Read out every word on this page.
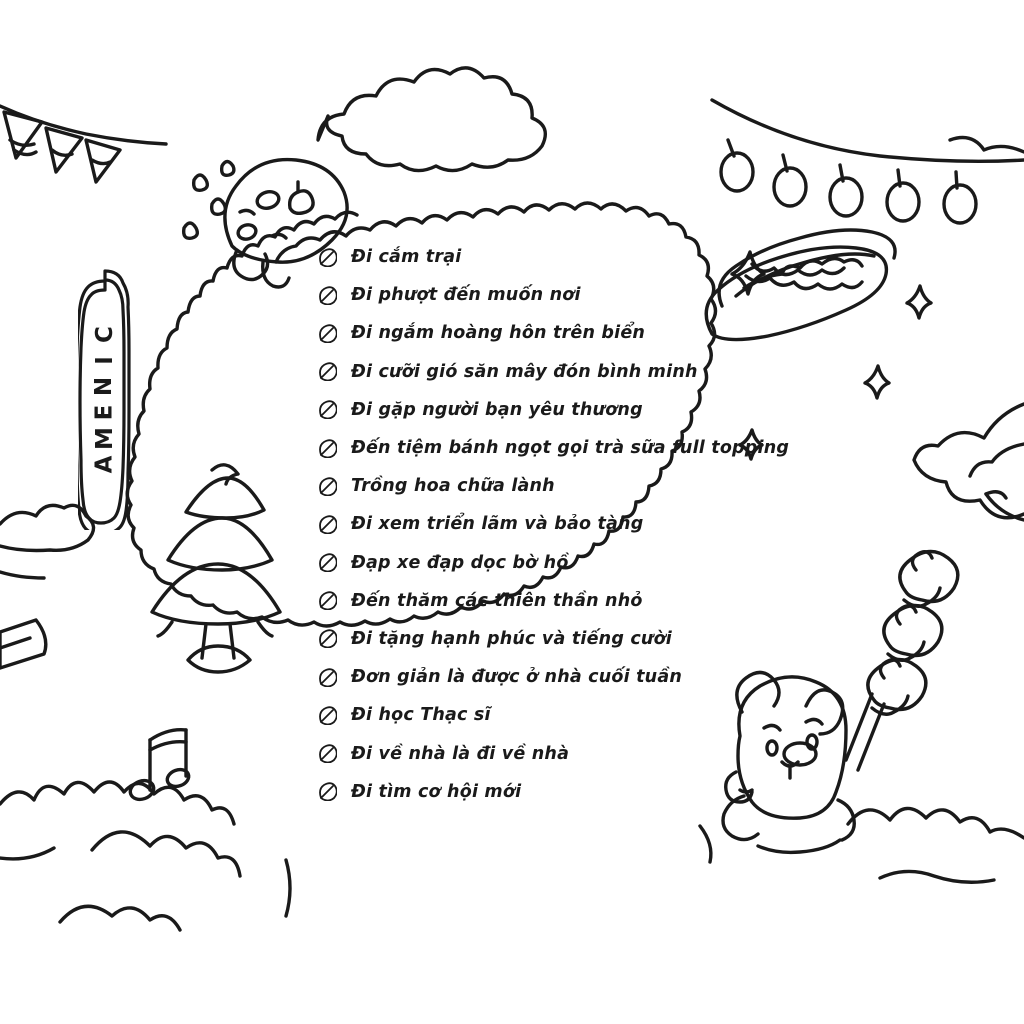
C
I
N
E
M
A
Đi cắm trại
Đi phượt đến muốn nơi
Đi ngắm hoàng hôn trên biển
Đi cưỡi gió săn mây đón bình minh
Đi gặp người bạn yêu thương
Đến tiệm bánh ngọt gọi trà sữa full topping
Trồng hoa chữa lành
Đi xem triển lãm và bảo tàng
Đạp xe đạp dọc bờ hồ
Đến thăm các thiên thần nhỏ
Đi tặng hạnh phúc và tiếng cười
Đơn giản là được ở nhà cuối tuần
Đi học Thạc sĩ
Đi về nhà là đi về nhà
Đi tìm cơ hội mới
